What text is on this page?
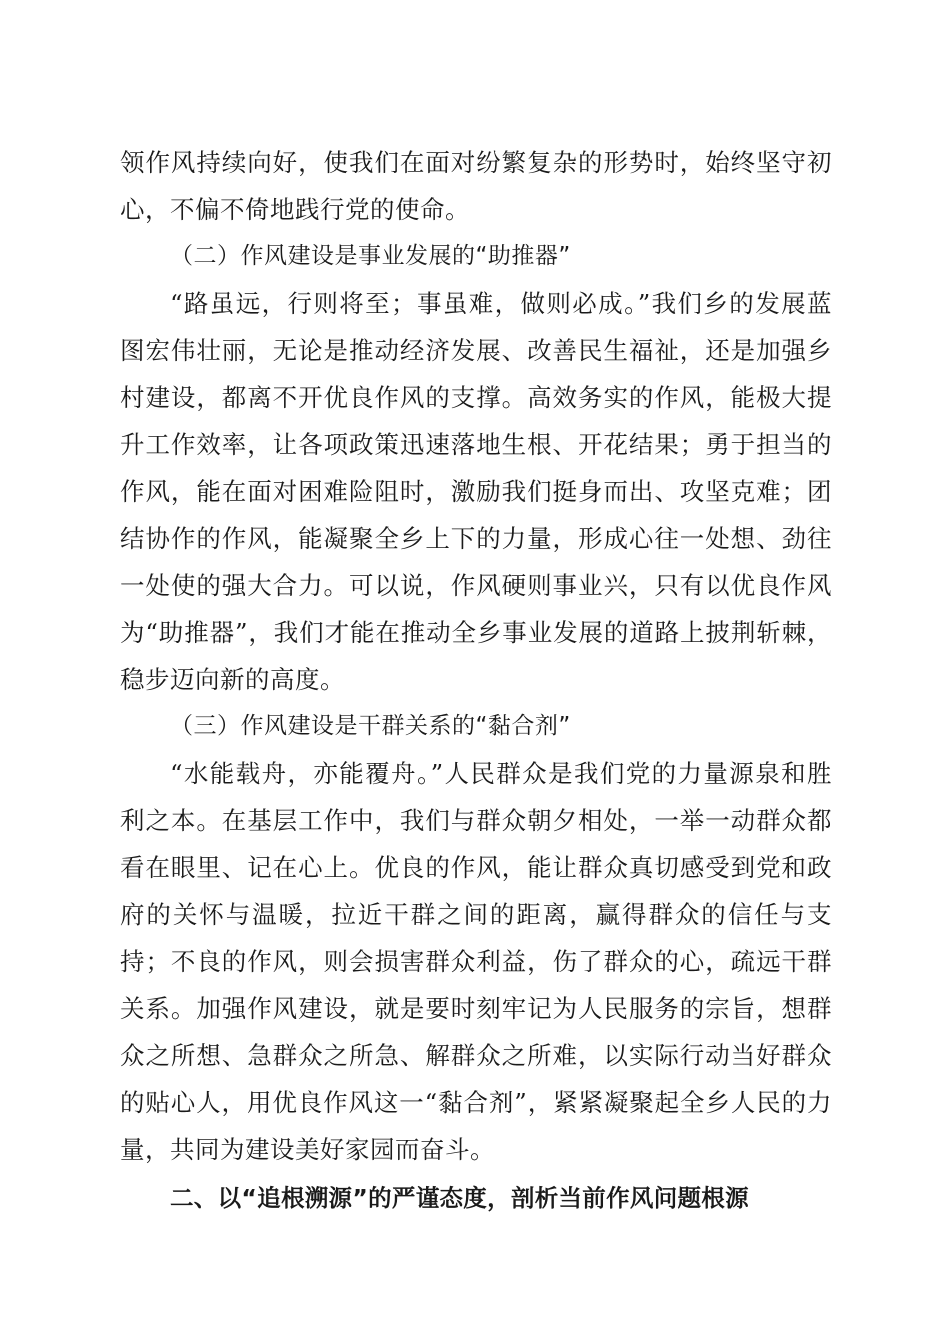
领作风持续向好，使我们在面对纷繁复杂的形势时，始终坚守初心，不偏不倚地践行党的使命。

（二）作风建设是事业发展的“助推器”

“路虽远，行则将至；事虽难，做则必成。”我们乡的发展蓝图宏伟壮丽，无论是推动经济发展、改善民生福祉，还是加强乡村建设，都离不开优良作风的支撑。高效务实的作风，能极大提升工作效率，让各项政策迅速落地生根、开花结果；勇于担当的作风，能在面对困难险阻时，激励我们挺身而出、攻坚克难；团结协作的作风，能凝聚全乡上下的力量，形成心往一处想、劲往一处使的强大合力。可以说，作风硬则事业兴，只有以优良作风为“助推器”，我们才能在推动全乡事业发展的道路上披荆斩棘，稳步迈向新的高度。

（三）作风建设是干群关系的“黏合剂”

“水能载舟，亦能覆舟。”人民群众是我们党的力量源泉和胜利之本。在基层工作中，我们与群众朝夕相处，一举一动群众都看在眼里、记在心上。优良的作风，能让群众真切感受到党和政府的关怀与温暖，拉近干群之间的距离，赢得群众的信任与支持；不良的作风，则会损害群众利益，伤了群众的心，疏远干群关系。加强作风建设，就是要时刻牢记为人民服务的宗旨，想群众之所想、急群众之所急、解群众之所难，以实际行动当好群众的贴心人，用优良作风这一“黏合剂”，紧紧凝聚起全乡人民的力量，共同为建设美好家园而奋斗。

二、以“追根溯源”的严谨态度，剖析当前作风问题根源
